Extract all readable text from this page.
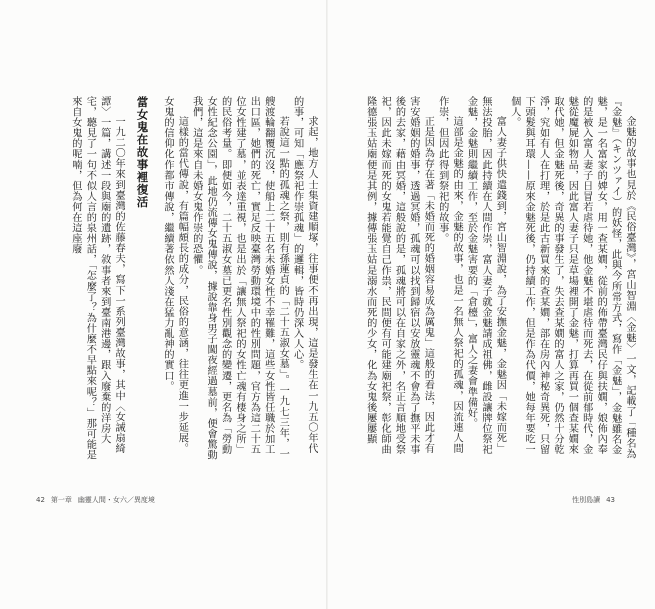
求起，地方人士集資建順塚，往事便不再出現，這是發生在一九五〇年代的事，可知「應祭祀作崇孤魂」的邏輯，皆時仍深入人心。

若說這一點的孤魂之祭，則有孫蓮貞的「二十五淑女墓」。一九七三年，一艘渡輪翻覆沉沒，使船上二十五名未婚女性不幸罹難，這些女性皆任職於加工出口區，她們的死亡，實足反映臺灣勞動環境中的性別問題，官方為這二十五位女性建了墓，並表達重視，也是出於「讓無人祭祀的女性亡魂有棲身之所」的民俗考量。即便如今，二十五淑女墓已更名性別觀念的變遷，更名為「勞動女性紀念公園」，此地仍流傳女鬼傳說，據說靠身男子闖夜經過墓前，便會驚動我們，這是來自未婚女鬼作崇的恐懼。

這樣的當代傳說，有篇幅頗長的成分，民俗的意涵，往往更進一步延展。女鬼的信仰化作都市傳說，繼續著依然人淺在猛力亂神的實口。

當女鬼在故事裡復活

一九二〇年來到臺灣的佐藤春夫，寫下一系列臺灣故事，其中〈女誡扇綺譚〉一篇，講述一段與廟的遺跡，敘事者來到臺南港邊，跟入廢棄的洋房大宅，聽見了一句不似人言的泉州話，「怎麼了？為什麼不早點來呢？」那可能是來自女鬼的呢喃，但為何在這座廢

42 第一章 幽靈人間・女六／異度境

金魅的故事也見於《民俗臺灣》，宮山智淵〈金魅〉一文，記載了「種名為『金魅』（キンツァイ）的妖怪，此與今所常方式，寫作「金魅」，金魅雖名金魅，是一名富家的婢女，用一查某嫺，從前的佈帶臺灣民仔與扶嫺，娘佈內奉的是被入富人妻子日冒若虐待她，他金魅不堪虐待而死去，在從前郁時代，金魅從魔屍如物品，因此富人妻子只是草場裡開了金魅，打算再買一個查某嫺來取代她，但金魅死後，奇異的事發生了，失去查某嫺的富人之家，仍然十分乾淨，究如有人在打理，於是此古新買來的查某嫺，部在房內神秘奇異死，只留下頭髮與耳環——原來金魅死後，仍持續工作，但是作為代價，她每年要吃一個人。

富人妻子供快遣錢到，宮山智淵說，為了安撫金魅，金魅因「未嫁而死」無法投胎，因此持續在人間作崇，富人妻子就金魅請成祖佛，雌設讓牌位祭祀金魅，金魅則繼續工作，至於金魅害要的「倉檯」，富人之妻會準備好。

這部是金魅的由來，金魅的故事，也是一名無人祭祀的孤魂，因流連人間作崇，但因此得到祭祀的故事。

正是因為存在著「未婚而死的婚姻容易成為厲鬼」這般的看法，因此才有害安婚姻的婚事，透過冥婚，孤魂可以找到歸宿以安放靈魂不會為了撫平未事後的去家，藉由冥婚，這般說的是，孤魂將可以在自家之外，名正言順地受祭祀，因此未嫁而死的女鬼若能覺自己作祟，民間便有可能建廟祀祭，彰化師曲隆德張玉姑廟便是其例，據傳張玉姑是溺水而死的少女，化為女鬼後屢屢顯

性別島讀 43
